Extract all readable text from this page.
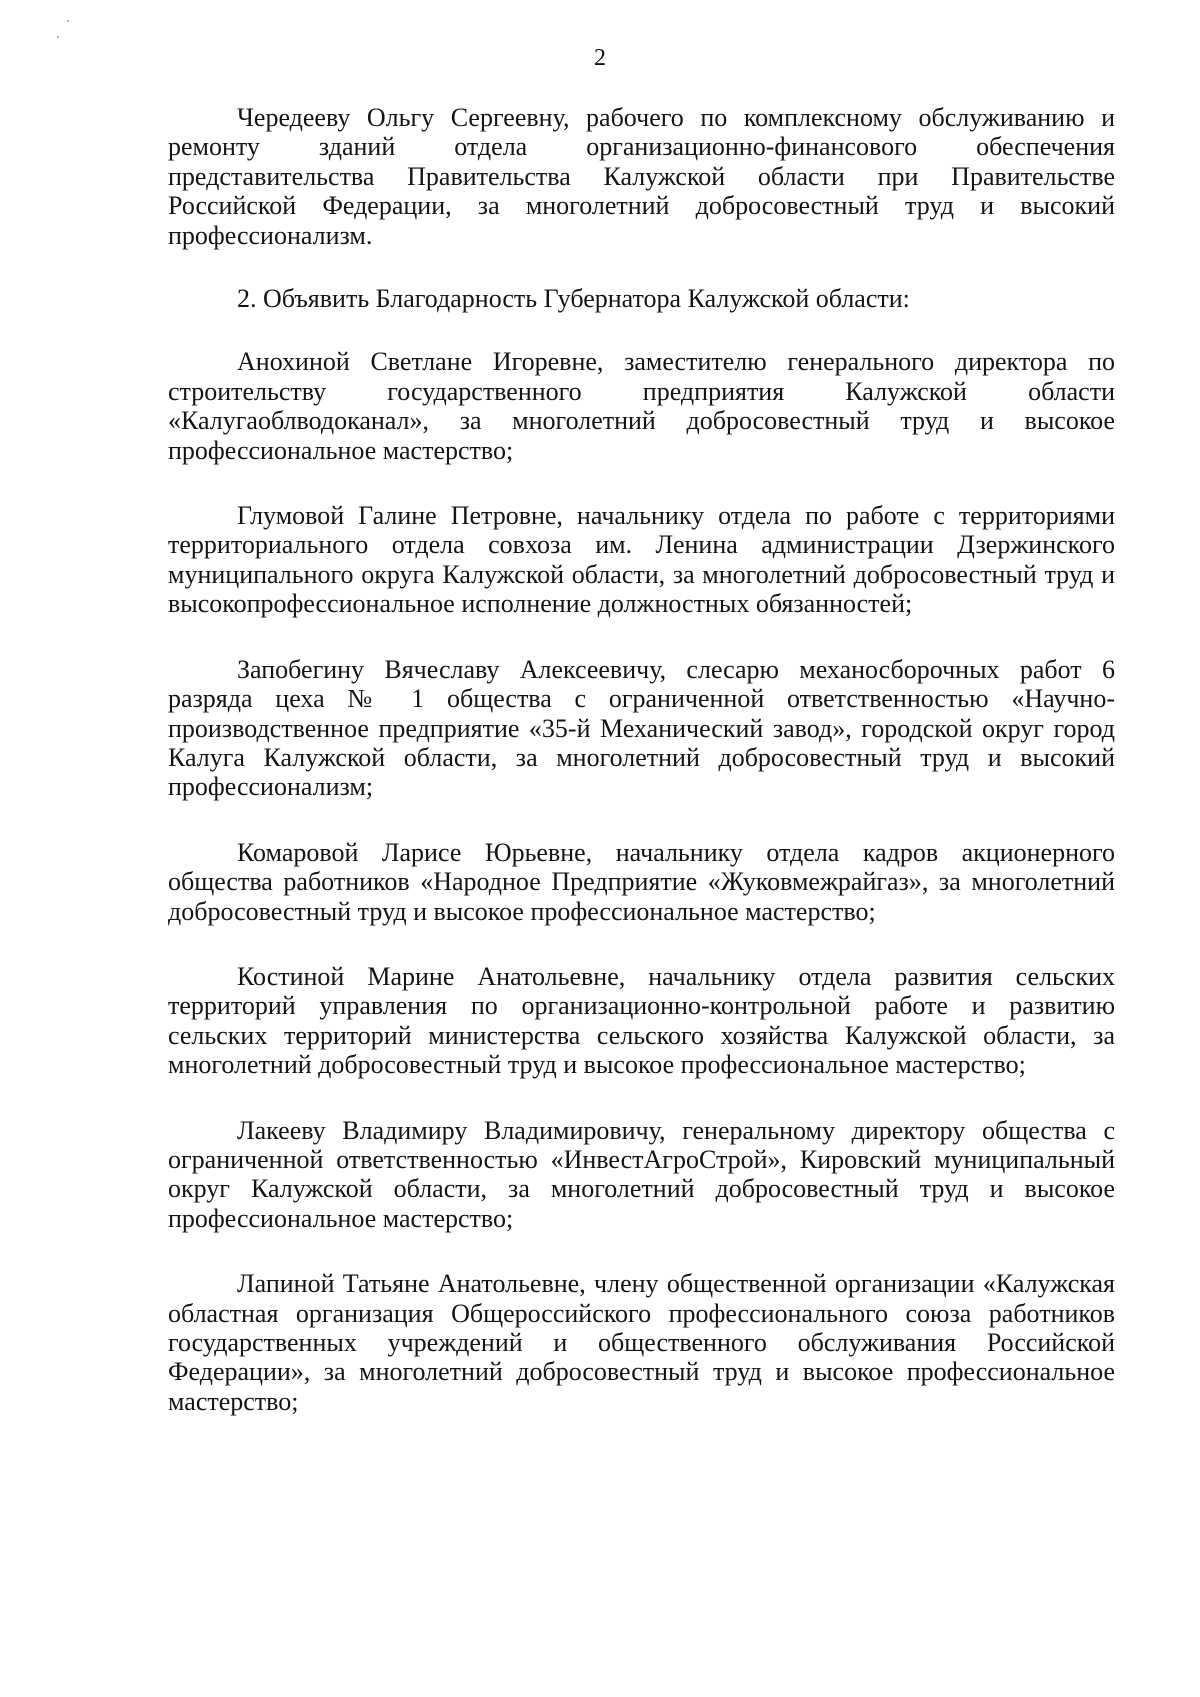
2

Чередееву Ольгу Сергеевну, рабочего по комплексному обслуживанию и ремонту зданий отдела организационно-финансового обеспечения представительства Правительства Калужской области при Правительстве Российской Федерации, за многолетний добросовестный труд и высокий профессионализм.

2. Объявить Благодарность Губернатора Калужской области:

Анохиной Светлане Игоревне, заместителю генерального директора по строительству государственного предприятия Калужской области «Калугаоблводоканал», за многолетний добросовестный труд и высокое профессиональное мастерство;

Глумовой Галине Петровне, начальнику отдела по работе с территориями территориального отдела совхоза им. Ленина администрации Дзержинского муниципального округа Калужской области, за многолетний добросовестный труд и высокопрофессиональное исполнение должностных обязанностей;

Запобегину Вячеславу Алексеевичу, слесарю механосборочных работ 6 разряда цеха № 1 общества с ограниченной ответственностью «Научно-производственное предприятие «35-й Механический завод», городской округ город Калуга Калужской области, за многолетний добросовестный труд и высокий профессионализм;

Комаровой Ларисе Юрьевне, начальнику отдела кадров акционерного общества работников «Народное Предприятие «Жуковмежрайгаз», за многолетний добросовестный труд и высокое профессиональное мастерство;

Костиной Марине Анатольевне, начальнику отдела развития сельских территорий управления по организационно-контрольной работе и развитию сельских территорий министерства сельского хозяйства Калужской области, за многолетний добросовестный труд и высокое профессиональное мастерство;

Лакееву Владимиру Владимировичу, генеральному директору общества с ограниченной ответственностью «ИнвестАгроСтрой», Кировский муниципальный округ Калужской области, за многолетний добросовестный труд и высокое профессиональное мастерство;

Лапиной Татьяне Анатольевне, члену общественной организации «Калужская областная организация Общероссийского профессионального союза работников государственных учреждений и общественного обслуживания Российской Федерации», за многолетний добросовестный труд и высокое профессиональное мастерство;
